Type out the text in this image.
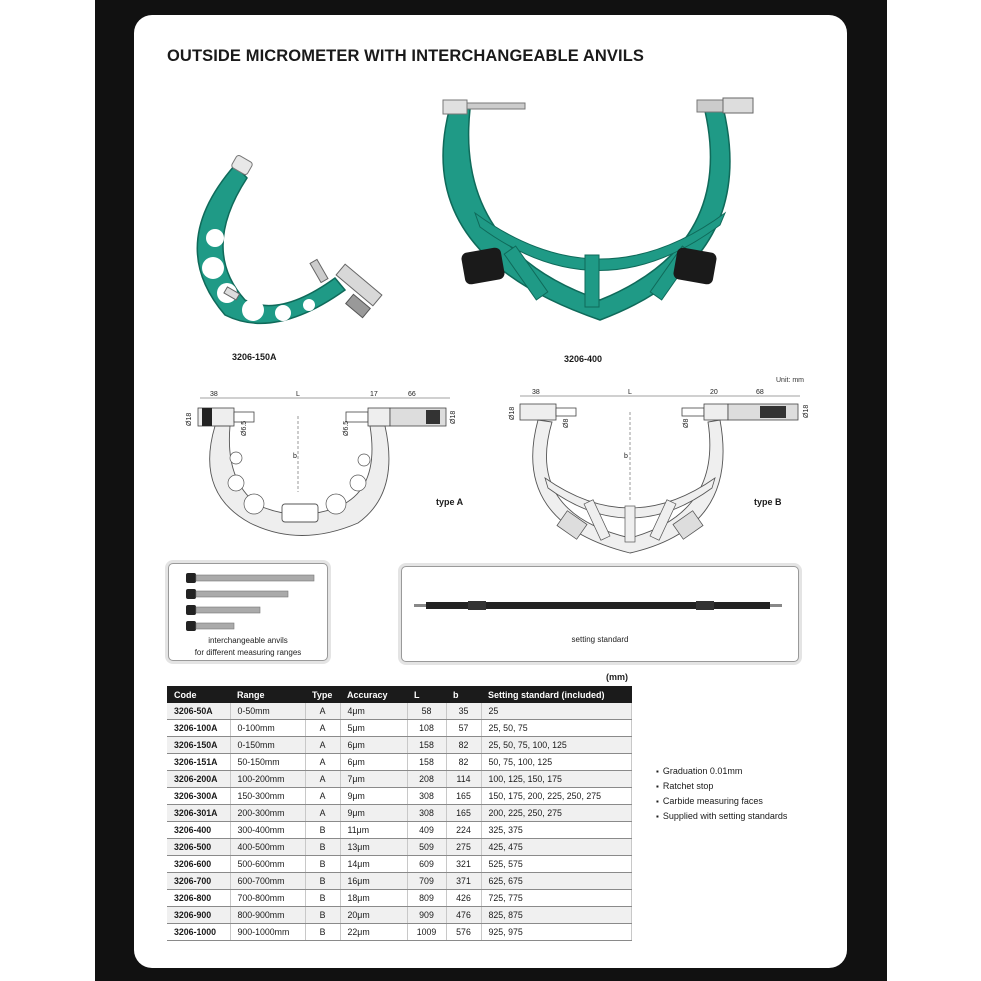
OUTSIDE MICROMETER WITH INTERCHANGEABLE ANVILS
3206-150A	3206-400
Unit: mm
38	L	17	66
Ø18
Ø6.5	Ø6.5
Ø18
b
type A
38	L	20	68
Ø18
Ø8	Ø8
Ø18
b
type B
interchangeable anvils
for different measuring ranges
setting standard
(mm)
Code	Range	Type	Accuracy	L	b	Setting standard (included)
3206-50A	0-50mm	A	4μm	58	35	25
3206-100A	0-100mm	A	5μm	108	57	25, 50, 75
3206-150A	0-150mm	A	6μm	158	82	25, 50, 75, 100, 125
3206-151A	50-150mm	A	6μm	158	82	50, 75, 100, 125
3206-200A	100-200mm	A	7μm	208	114	100, 125, 150, 175
3206-300A	150-300mm	A	9μm	308	165	150, 175, 200, 225, 250, 275
3206-301A	200-300mm	A	9μm	308	165	200, 225, 250, 275
3206-400	300-400mm	B	11μm	409	224	325, 375
3206-500	400-500mm	B	13μm	509	275	425, 475
3206-600	500-600mm	B	14μm	609	321	525, 575
3206-700	600-700mm	B	16μm	709	371	625, 675
3206-800	700-800mm	B	18μm	809	426	725, 775
3206-900	800-900mm	B	20μm	909	476	825, 875
3206-1000	900-1000mm	B	22μm	1009	576	925, 975
▪ Graduation 0.01mm
▪ Ratchet stop
▪ Carbide measuring faces
▪ Supplied with setting standards
